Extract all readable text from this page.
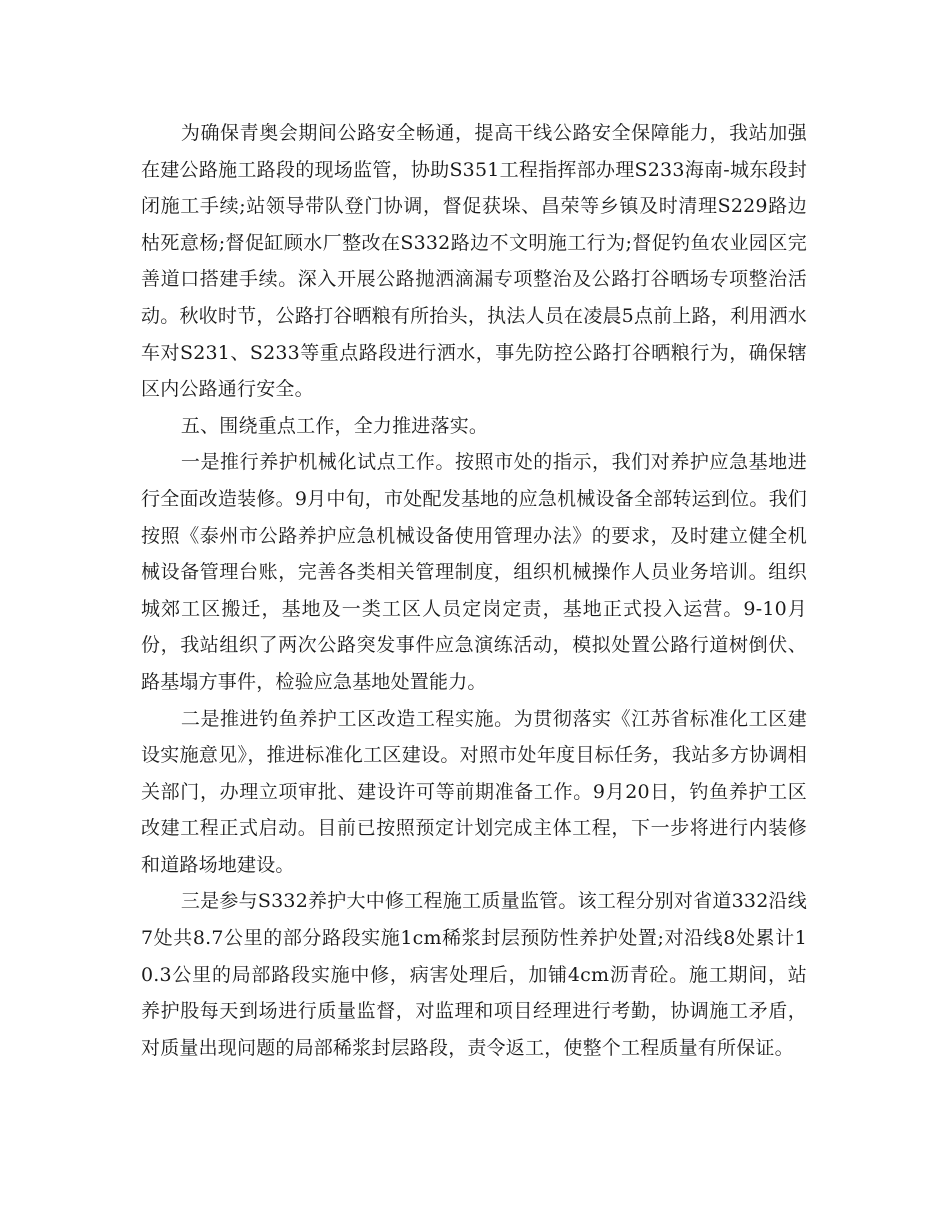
为确保青奥会期间公路安全畅通，提高干线公路安全保障能力，我站加强在建公路施工路段的现场监管，协助S351工程指挥部办理S233海南-城东段封闭施工手续;站领导带队登门协调，督促获垛、昌荣等乡镇及时清理S229路边枯死意杨;督促缸顾水厂整改在S332路边不文明施工行为;督促钓鱼农业园区完善道口搭建手续。深入开展公路抛洒滴漏专项整治及公路打谷晒场专项整治活动。秋收时节，公路打谷晒粮有所抬头，执法人员在凌晨5点前上路，利用洒水车对S231、S233等重点路段进行洒水，事先防控公路打谷晒粮行为，确保辖区内公路通行安全。

五、围绕重点工作，全力推进落实。

一是推行养护机械化试点工作。按照市处的指示，我们对养护应急基地进行全面改造装修。9月中旬，市处配发基地的应急机械设备全部转运到位。我们按照《泰州市公路养护应急机械设备使用管理办法》的要求，及时建立健全机械设备管理台账，完善各类相关管理制度，组织机械操作人员业务培训。组织城郊工区搬迁，基地及一类工区人员定岗定责，基地正式投入运营。9-10月份，我站组织了两次公路突发事件应急演练活动，模拟处置公路行道树倒伏、路基塌方事件，检验应急基地处置能力。

二是推进钓鱼养护工区改造工程实施。为贯彻落实《江苏省标准化工区建设实施意见》，推进标准化工区建设。对照市处年度目标任务，我站多方协调相关部门，办理立项审批、建设许可等前期准备工作。9月20日，钓鱼养护工区改建工程正式启动。目前已按照预定计划完成主体工程，下一步将进行内装修和道路场地建设。

三是参与S332养护大中修工程施工质量监管。该工程分别对省道332沿线7处共8.7公里的部分路段实施1cm稀浆封层预防性养护处置;对沿线8处累计10.3公里的局部路段实施中修，病害处理后，加铺4cm沥青砼。施工期间，站养护股每天到场进行质量监督，对监理和项目经理进行考勤，协调施工矛盾，对质量出现问题的局部稀浆封层路段，责令返工，使整个工程质量有所保证。
